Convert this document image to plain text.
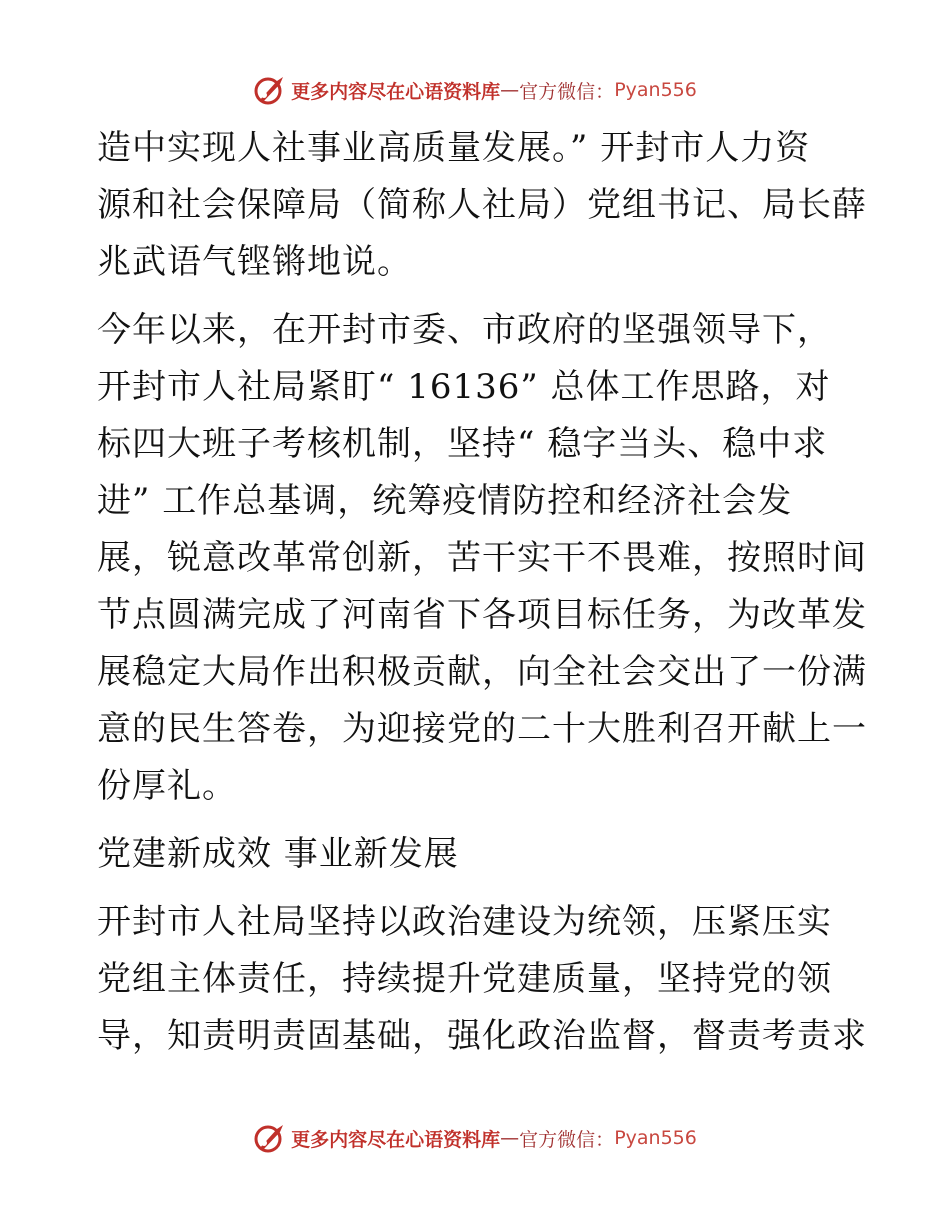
更多内容尽在心语资料库 — 官方微信： Pyan556

造中实现人社事业高质量发展。” 开封市人力资
源和社会保障局（简称人社局）党组书记、局长薛
兆武语气铿锵地说。

今年以来，在开封市委、市政府的坚强领导下，
开封市人社局紧盯“ 16136” 总体工作思路，对
标四大班子考核机制，坚持“ 稳字当头、稳中求
进” 工作总基调，统筹疫情防控和经济社会发
展，锐意改革常创新，苦干实干不畏难，按照时间
节点圆满完成了河南省下各项目标任务，为改革发
展稳定大局作出积极贡献，向全社会交出了一份满
意的民生答卷，为迎接党的二十大胜利召开献上一
份厚礼。

党建新成效 事业新发展

开封市人社局坚持以政治建设为统领，压紧压实
党组主体责任，持续提升党建质量，坚持党的领
导，知责明责固基础，强化政治监督，督责考责求

更多内容尽在心语资料库 — 官方微信： Pyan556
